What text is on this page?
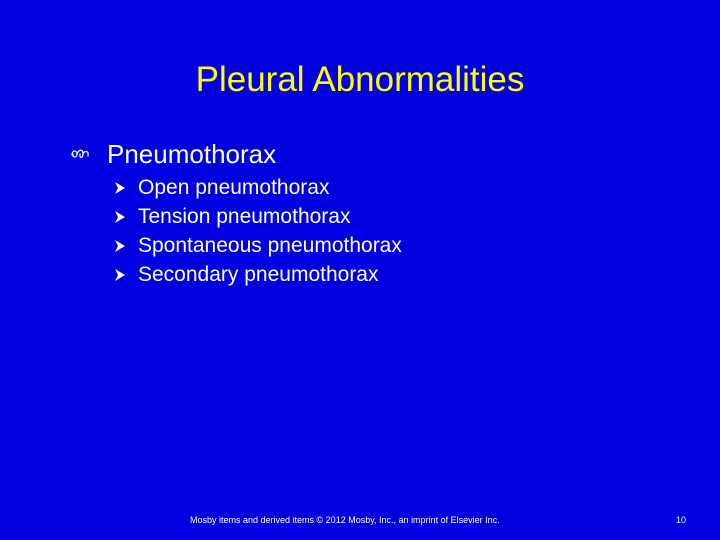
Pleural Abnormalities
Pneumothorax
Open pneumothorax
Tension pneumothorax
Spontaneous pneumothorax
Secondary pneumothorax
Mosby items and derived items © 2012 Mosby, Inc., an imprint of Elsevier Inc.	10
